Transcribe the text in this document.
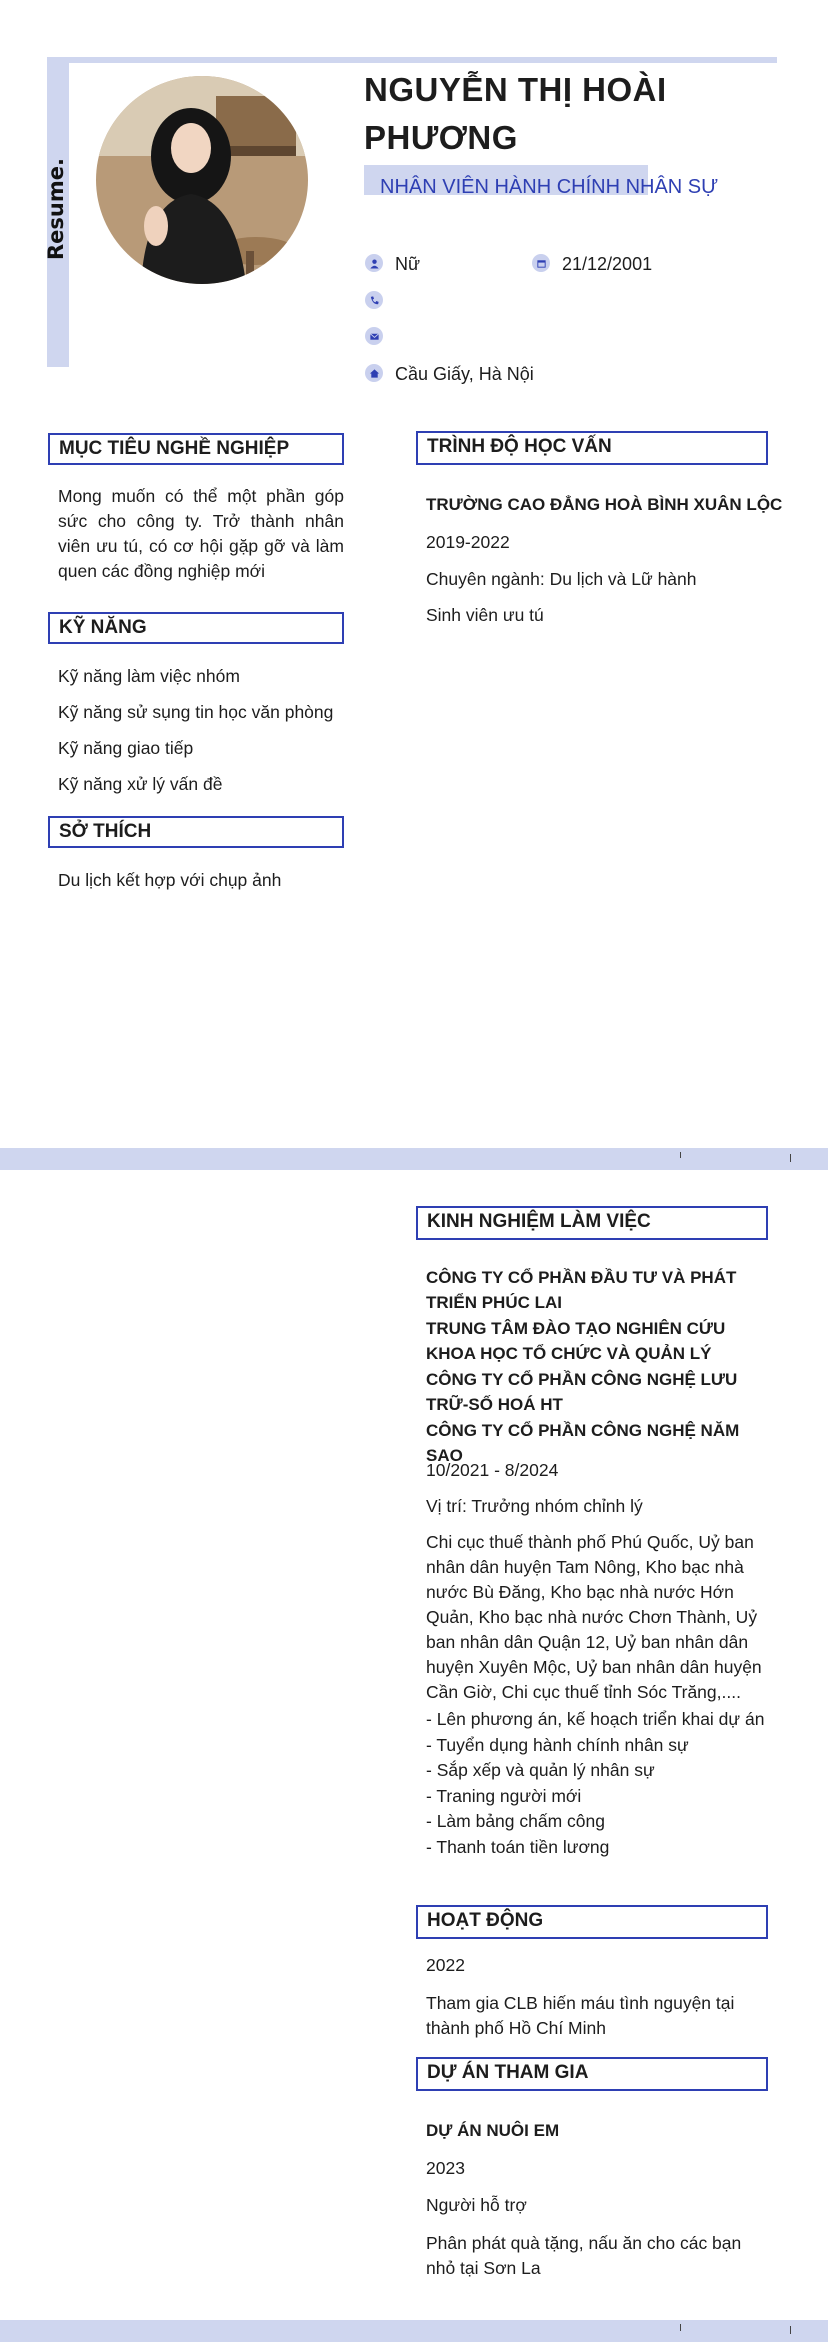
Resume.
NGUYỄN THỊ HOÀI
PHƯƠNG
NHÂN VIÊN HÀNH CHÍNH NHÂN SỰ
Nữ	21/12/2001
Cầu Giấy, Hà Nội
MỤC TIÊU NGHỀ NGHIỆP
Mong muốn có thể một phần góp sức cho công ty. Trở thành nhân viên ưu tú, có cơ hội gặp gỡ và làm quen các đồng nghiệp mới
KỸ NĂNG
Kỹ năng làm việc nhóm
Kỹ năng sử sụng tin học văn phòng
Kỹ năng giao tiếp
Kỹ năng xử lý vấn đề
SỞ THÍCH
Du lịch kết hợp với chụp ảnh
TRÌNH ĐỘ HỌC VẤN
TRƯỜNG CAO ĐẲNG HOÀ BÌNH XUÂN LỘC
2019-2022
Chuyên ngành: Du lịch và Lữ hành
Sinh viên ưu tú
KINH NGHIỆM LÀM VIỆC
CÔNG TY CỔ PHẦN ĐẦU TƯ VÀ PHÁT TRIỂN PHÚC LAI
TRUNG TÂM ĐÀO TẠO NGHIÊN CỨU KHOA HỌC TỔ CHỨC VÀ QUẢN LÝ
CÔNG TY CỔ PHẦN CÔNG NGHỆ LƯU TRỮ-SỐ HOÁ HT
CÔNG TY CỔ PHẦN CÔNG NGHỆ NĂM SAO
10/2021 - 8/2024
Vị trí: Trưởng nhóm chỉnh lý
Chi cục thuế thành phố Phú Quốc, Uỷ ban nhân dân huyện Tam Nông, Kho bạc nhà nước Bù Đăng, Kho bạc nhà nước Hớn Quản, Kho bạc nhà nước Chơn Thành, Uỷ ban nhân dân Quận 12, Uỷ ban nhân dân huyện Xuyên Mộc, Uỷ ban nhân dân huyện Cần Giờ, Chi cục thuế tỉnh Sóc Trăng,....
- Lên phương án, kế hoạch triển khai dự án
- Tuyển dụng hành chính nhân sự
- Sắp xếp và quản lý nhân sự
- Traning người mới
- Làm bảng chấm công
- Thanh toán tiền lương
HOẠT ĐỘNG
2022
Tham gia CLB hiến máu tình nguyện tại thành phố Hồ Chí Minh
DỰ ÁN THAM GIA
DỰ ÁN NUÔI EM
2023
Người hỗ trợ
Phân phát quà tặng, nấu ăn cho các bạn nhỏ tại Sơn La
